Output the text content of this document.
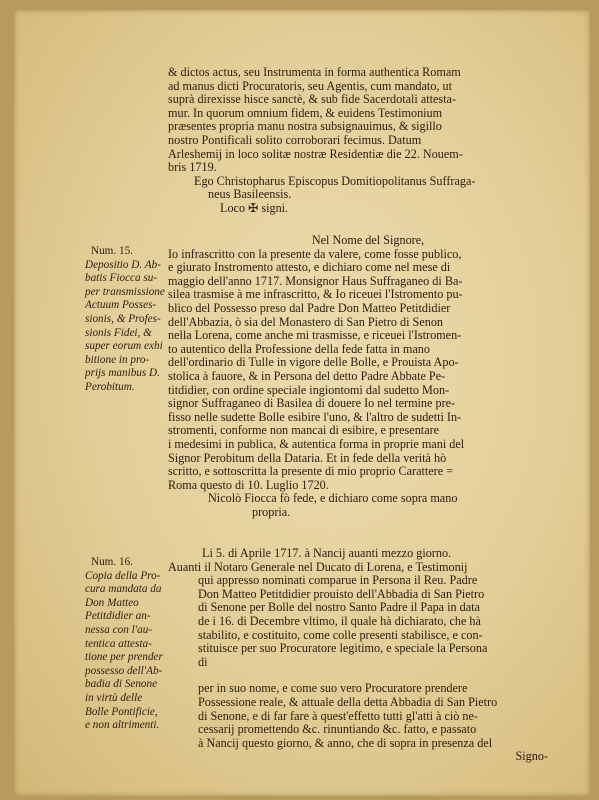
& dictos actus, seu Instrumenta in forma authentica Romam
ad manus dicti Procuratoris, seu Agentis, cum mandato, ut
suprà direxisse hisce sanctè, & sub fide Sacerdotali attesta-
mur. In quorum omnium fidem, & euidens Testimonium
præsentes propria manu nostra subsignauimus, & sigillo
nostro Pontificali solito corroborari fecimus. Datum
Arleshemij in loco solitæ nostræ Residentiæ die 22. Nouem-
bris 1719.
Ego Christopharus Episcopus Domitiopolitanus Suffraga-
neus Basileensis.
Loco ✠ signi.
Num. 15.
Depositio D. Ab-
batis Fiocca su-
per transmissione
Actuum Posses-
sionis, & Profes-
sionis Fidei, &
super eorum exhi
bitione in pro-
prijs manibus D.
Perobitum.
Nel Nome del Signore,
Io infrascritto con la presente da valere, come fosse publico,
e giurato Instromento attesto, e dichiaro come nel mese di
maggio dell'anno 1717. Monsignor Haus Suffraganeo di Ba-
silea trasmise à me infrascritto, & Io riceuei l'Istromento pu-
blico del Possesso preso dal Padre Don Matteo Petitdidier
dell'Abbazia, ò sia del Monastero di San Pietro di Senon
nella Lorena, come anche mi trasmisse, e riceuei l'Istromen-
to autentico della Professione della fede fatta in mano
dell'ordinario di Tulle in vigore delle Bolle, e Prouista Apo-
stolica à fauore, & in Persona del detto Padre Abbate Pe-
titdidier, con ordine speciale ingiontomi dal sudetto Mon-
signor Suffraganeo di Basilea di douere Io nel termine pre-
fisso nelle sudette Bolle esibire l'uno, & l'altro de sudetti In-
stromenti, conforme non mancai di esibire, e presentare
i medesimi in publica, & autentica forma in proprie mani del
Signor Perobitum della Dataria. Et in fede della verità hò
scritto, e sottoscritta la presente di mio proprio Carattere =
Roma questo di 10. Luglio 1720.
Nicolò Fiocca fò fede, e dichiaro come sopra mano
propria.
Num. 16.
Copia della Pro-
cura mandata da
Don Matteo
Petitdidier an-
nessa con l'au-
tentica attesta-
tione per prender
possesso dell'Ab-
badia di Senone
in virtù delle
Bolle Pontificie,
e non altrimenti.
Li 5. di Aprile 1717. à Nancij auanti mezzo giorno.
Auanti il Notaro Generale nel Ducato di Lorena, e Testimonij
qui appresso nominati comparue in Persona il Reu. Padre
Don Matteo Petitdidier prouisto dell'Abbadia di San Pietro
di Senone per Bolle del nostro Santo Padre il Papa in data
de i 16. di Decembre vltimo, il quale hà dichiarato, che hà
stabilito, e costituito, come colle presenti stabilisce, e con-
stituisce per suo Procuratore legitimo, e speciale la Persona
di
per in suo nome, e come suo vero Procuratore prendere
Possessione reale, & attuale della detta Abbadia di San Pietro
di Senone, e di far fare à quest'effetto tutti gl'atti à ciò ne-
cessarij promettendo &c. rinuntiando &c. fatto, e passato
à Nancij questo giorno, & anno, che di sopra in presenza del
Signo-
